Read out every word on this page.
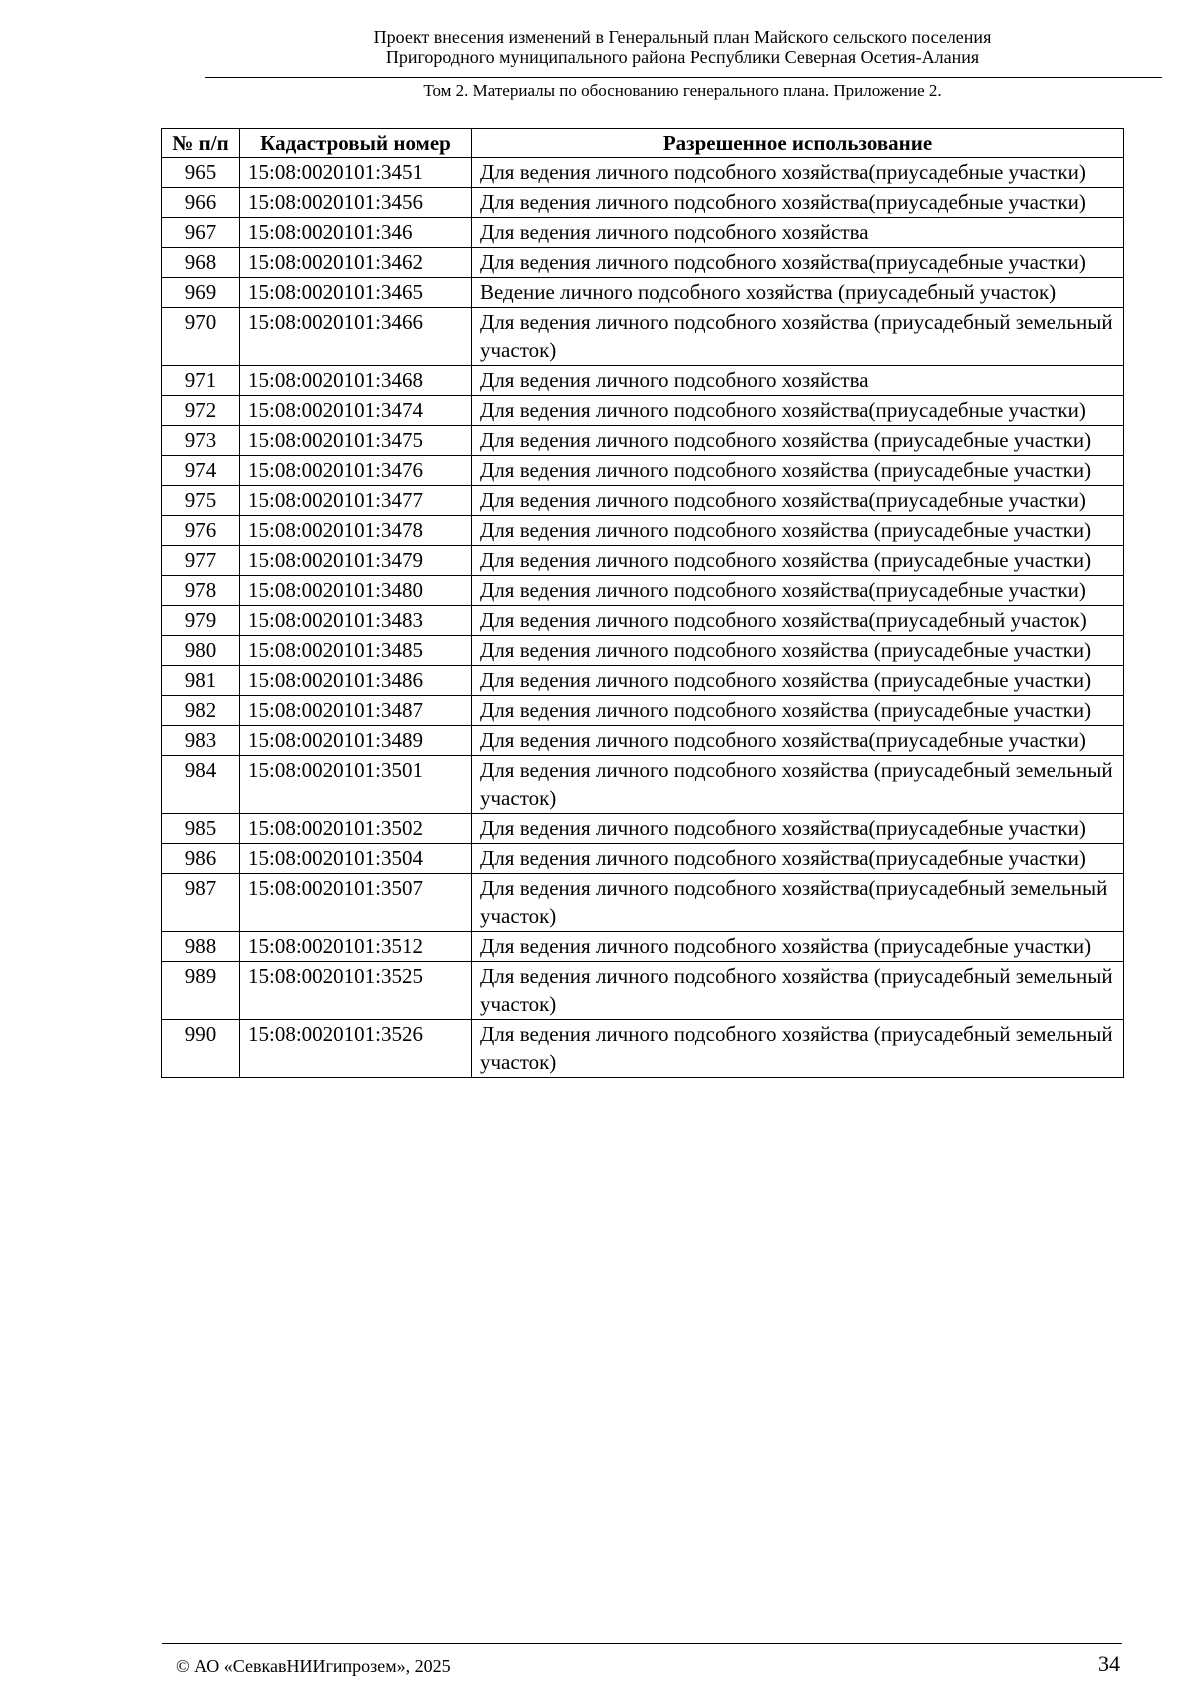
Проект внесения изменений в Генеральный план Майского сельского поселения
Пригородного муниципального района Республики Северная Осетия-Алания
Том 2. Материалы по обоснованию генерального плана. Приложение 2.
№ п/п	Кадастровый номер	Разрешенное использование
965	15:08:0020101:3451	Для ведения личного подсобного хозяйства(приусадебные участки)
966	15:08:0020101:3456	Для ведения личного подсобного хозяйства(приусадебные участки)
967	15:08:0020101:346	Для ведения личного подсобного хозяйства
968	15:08:0020101:3462	Для ведения личного подсобного хозяйства(приусадебные участки)
969	15:08:0020101:3465	Ведение личного подсобного хозяйства (приусадебный участок)
970	15:08:0020101:3466	Для ведения личного подсобного хозяйства (приусадебный земельный участок)
971	15:08:0020101:3468	Для ведения личного подсобного хозяйства
972	15:08:0020101:3474	Для ведения личного подсобного хозяйства(приусадебные участки)
973	15:08:0020101:3475	Для ведения личного подсобного хозяйства (приусадебные участки)
974	15:08:0020101:3476	Для ведения личного подсобного хозяйства (приусадебные участки)
975	15:08:0020101:3477	Для ведения личного подсобного хозяйства(приусадебные участки)
976	15:08:0020101:3478	Для ведения личного подсобного хозяйства (приусадебные участки)
977	15:08:0020101:3479	Для ведения личного подсобного хозяйства (приусадебные участки)
978	15:08:0020101:3480	Для ведения личного подсобного хозяйства(приусадебные участки)
979	15:08:0020101:3483	Для ведения личного подсобного хозяйства(приусадебный участок)
980	15:08:0020101:3485	Для ведения личного подсобного хозяйства (приусадебные участки)
981	15:08:0020101:3486	Для ведения личного подсобного хозяйства (приусадебные участки)
982	15:08:0020101:3487	Для ведения личного подсобного хозяйства (приусадебные участки)
983	15:08:0020101:3489	Для ведения личного подсобного хозяйства(приусадебные участки)
984	15:08:0020101:3501	Для ведения личного подсобного хозяйства (приусадебный земельный участок)
985	15:08:0020101:3502	Для ведения личного подсобного хозяйства(приусадебные участки)
986	15:08:0020101:3504	Для ведения личного подсобного хозяйства(приусадебные участки)
987	15:08:0020101:3507	Для ведения личного подсобного хозяйства(приусадебный земельный участок)
988	15:08:0020101:3512	Для ведения личного подсобного хозяйства (приусадебные участки)
989	15:08:0020101:3525	Для ведения личного подсобного хозяйства (приусадебный земельный участок)
990	15:08:0020101:3526	Для ведения личного подсобного хозяйства (приусадебный земельный участок)
© АО «СевкавНИИгипрозем», 2025	34
